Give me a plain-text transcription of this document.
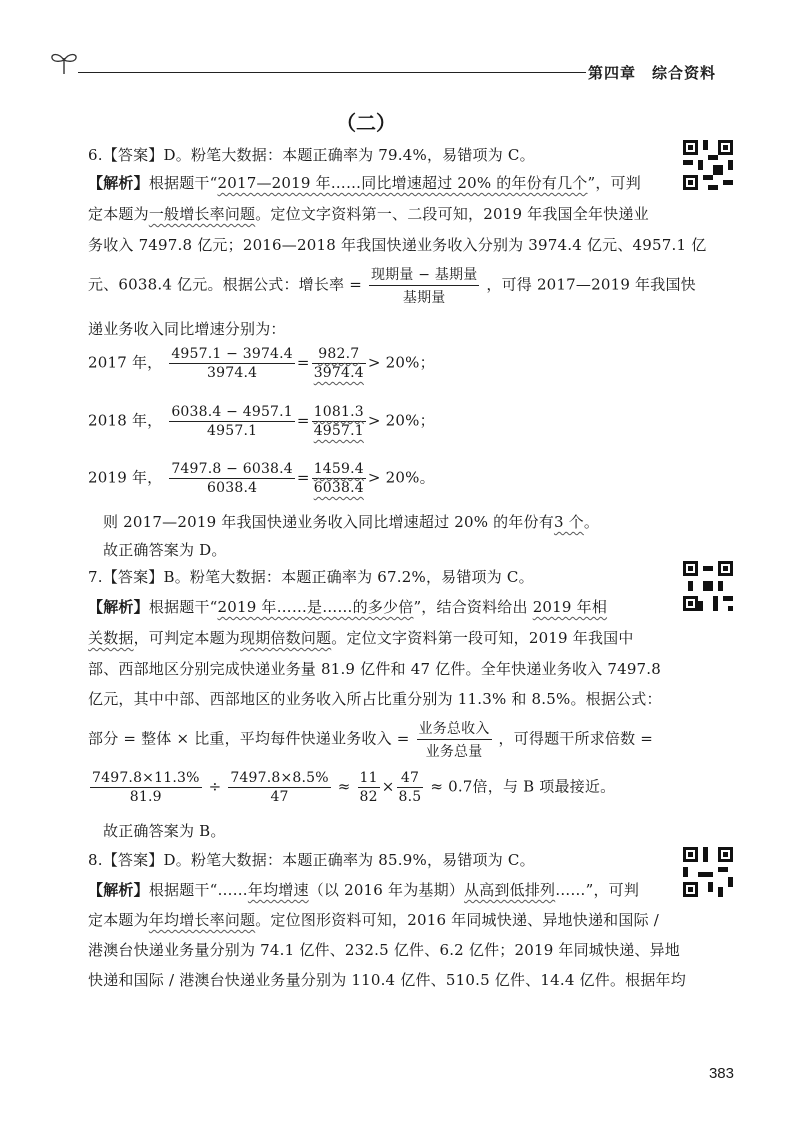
第四章　综合资料
（二）
6.【答案】D。粉笔大数据：本题正确率为 79.4%，易错项为 C。
【解析】根据题干“2017—2019 年……同比增速超过 20% 的年份有几个”，可判
定本题为一般增长率问题。定位文字资料第一、二段可知，2019 年我国全年快递业
务收入 7497.8 亿元；2016—2018 年我国快递业务收入分别为 3974.4 亿元、4957.1 亿
元、6038.4 亿元。根据公式：增长率 = $\frac{\text{现期量 − 基期量}}{\text{基期量}}$ ，可得 2017—2019 年我国快
递业务收入同比增速分别为：
2017 年， $\frac{4957.1 - 3974.4}{3974.4} = \frac{982.7}{3974.4} > 20\%$；
2018 年， $\frac{6038.4 - 4957.1}{4957.1} = \frac{1081.3}{4957.1} > 20\%$；
2019 年， $\frac{7497.8 - 6038.4}{6038.4} = \frac{1459.4}{6038.4} > 20\%$。
则 2017—2019 年我国快递业务收入同比增速超过 20% 的年份有3 个。
故正确答案为 D。
7.【答案】B。粉笔大数据：本题正确率为 67.2%，易错项为 C。
【解析】根据题干“2019 年……是……的多少倍”，结合资料给出 2019 年相
关数据，可判定本题为现期倍数问题。定位文字资料第一段可知，2019 年我国中
部、西部地区分别完成快递业务量 81.9 亿件和 47 亿件。全年快递业务收入 7497.8
亿元，其中中部、西部地区的业务收入所占比重分别为 11.3% 和 8.5%。根据公式：
部分 = 整体 × 比重，平均每件快递业务收入 = $\frac{\text{业务总收入}}{\text{业务总量}}$ ，可得题干所求倍数 =
$\frac{7497.8\times 11.3\%}{81.9} \div \frac{7497.8\times 8.5\%}{47} \approx \frac{11}{82} \times \frac{47}{8.5} \approx 0.7$倍，与 B 项最接近。
故正确答案为 B。
8.【答案】D。粉笔大数据：本题正确率为 85.9%，易错项为 C。
【解析】根据题干“……年均增速（以 2016 年为基期）从高到低排列……”，可判
定本题为年均增长率问题。定位图形资料可知，2016 年同城快递、异地快递和国际 /
港澳台快递业务量分别为 74.1 亿件、232.5 亿件、6.2 亿件；2019 年同城快递、异地
快递和国际 / 港澳台快递业务量分别为 110.4 亿件、510.5 亿件、14.4 亿件。根据年均
383
